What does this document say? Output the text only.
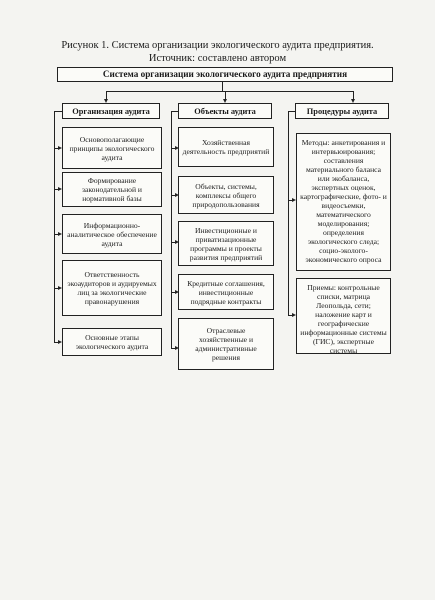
Рисунок 1. Система организации экологического аудита предприятия.
Источник: составлено автором
Система организации экологического аудита предприятия
Организация аудита	Объекты аудита	Процедуры аудита
Основополагающие принципы экологического аудита
Формирование законодательной и нормативной базы
Информационно-аналитическое обеспечение аудита
Ответственность экоаудиторов и аудируемых лиц за экологические правонарушения
Основные этапы экологического аудита
Хозяйственная деятельность предприятий
Объекты, системы, комплексы общего природопользования
Инвестиционные и приватизационные программы и проекты развития предприятий
Кредитные соглашения, инвестиционные подрядные контракты
Отраслевые хозяйственные и административные решения
Методы: анкетирования и интервьюирования; составления материального баланса или экобаланса, экспертных оценок, картографические, фото- и видеосъемки, математического моделирования; определения экологического следа; социо-эколого-экономического опроса
Приемы: контрольные списки, матрица Леопольда, сети; наложение карт и географические информационные системы (ГИС), экспертные системы
